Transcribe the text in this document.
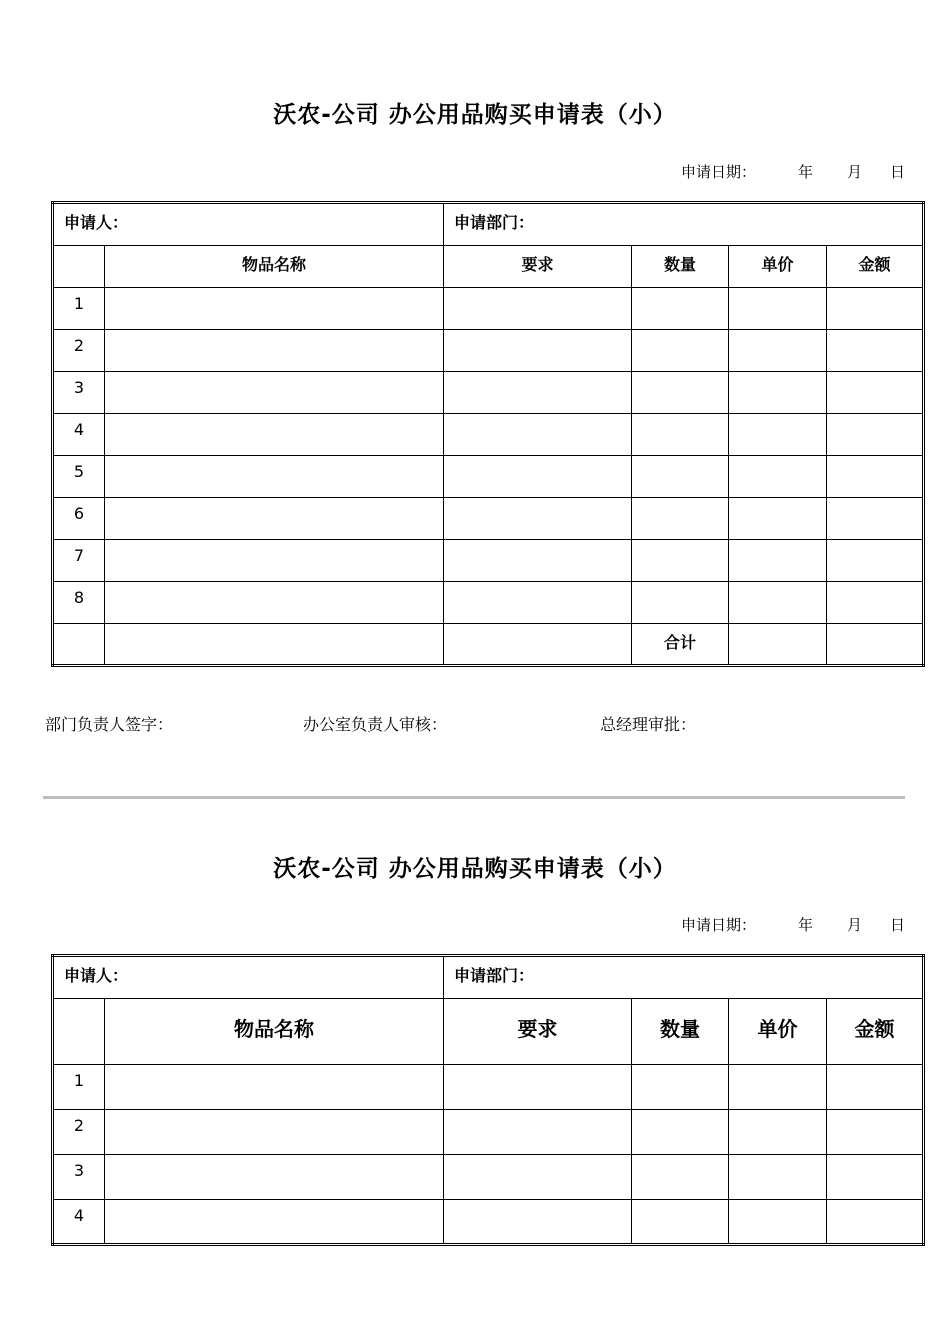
沃农-公司 办公用品购买申请表（小）
申请日期：	年 月 日
申请人：		申请部门：			
	物品名称	要求	数量	单价	金额
1					
2					
3					
4					
5					
6					
7					
8					
			合计		
部门负责人签字：	办公室负责人审核：	总经理审批：
沃农-公司 办公用品购买申请表（小）
申请日期：	年 月 日
申请人：		申请部门：			
	物品名称	要求	数量	单价	金额
1					
2					
3					
4					
